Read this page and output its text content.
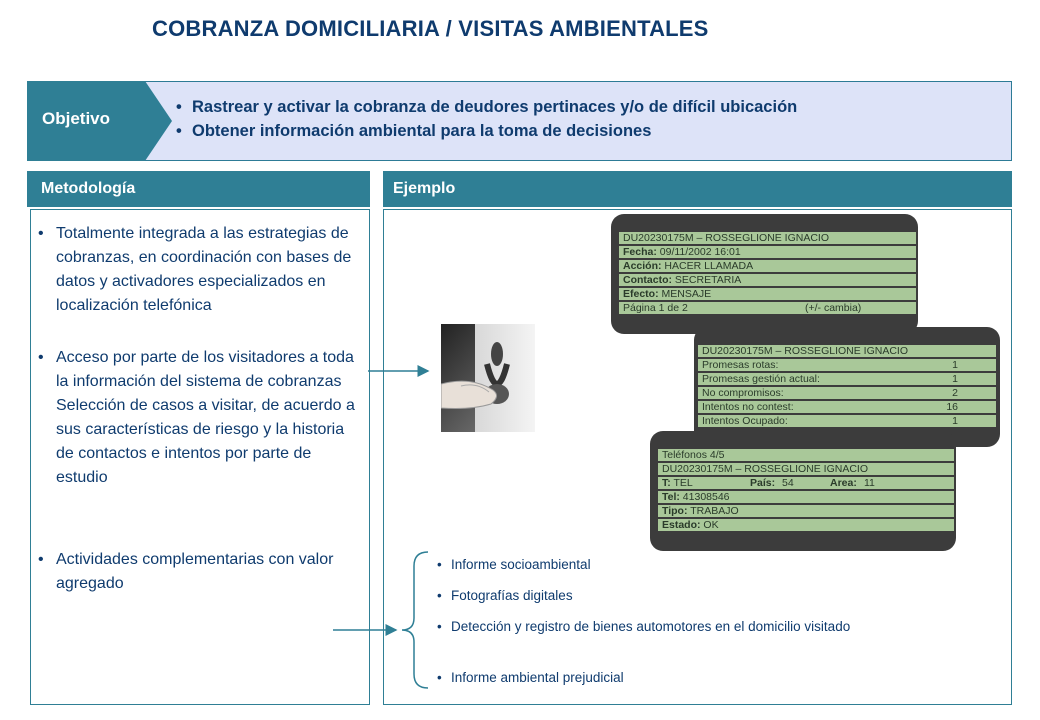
COBRANZA DOMICILIARIA / VISITAS AMBIENTALES
Objetivo
• Rastrear y activar la cobranza de deudores pertinaces y/o de difícil ubicación
• Obtener información ambiental para la toma de decisiones
Metodología	Ejemplo
• Totalmente integrada a las estrategias de cobranzas, en coordinación con bases de datos y activadores especializados en localización telefónica
• Acceso por parte de los visitadores a toda la información del sistema de cobranzas Selección de casos a visitar, de acuerdo a sus características de riesgo y la historia de contactos e intentos por parte de estudio
• Actividades complementarias con valor agregado
DU20230175M – ROSSEGLIONE IGNACIO
Fecha: 09/11/2002 16:01
Acción: HACER LLAMADA
Contacto: SECRETARIA
Efecto: MENSAJE
Página 1 de 2	(+/- cambia)
DU20230175M – ROSSEGLIONE IGNACIO
Promesas rotas:	1
Promesas gestión actual:	1
No compromisos:	2
Intentos no contest:	16
Intentos Ocupado:	1
Teléfonos 4/5
DU20230175M – ROSSEGLIONE IGNACIO
T: TEL	País: 54	Area: 11
Tel: 41308546
Tipo: TRABAJO
Estado: OK
• Informe socioambiental
• Fotografías digitales
• Detección y registro de bienes automotores en el domicilio visitado
• Informe ambiental prejudicial
